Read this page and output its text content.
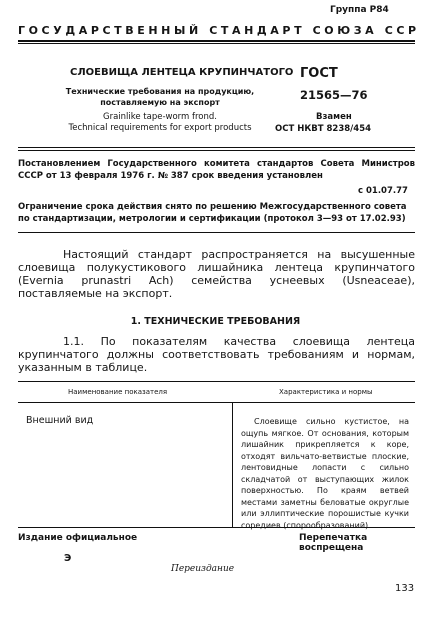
Группа Р84
ГОСУДАРСТВЕННЫЙ СТАНДАРТ СОЮЗА ССР
СЛОЕВИЩА ЛЕНТЕЦА КРУПИНЧАТОГО
Технические требования на продукцию,
поставляемую на экспорт
Grainlike tape-worm frond.
Technical requirements for export products
ГОСТ
21565—76
Взамен
ОСТ НКВТ 8238/454
Постановлением Государственного комитета стандартов Совета Министров СССР от 13 февраля 1976 г. № 387 срок введения установлен
с 01.07.77
Ограничение срока действия снято по решению Межгосударственного совета по стандартизации, метрологии и сертификации (протокол 3—93 от 17.02.93)
Настоящий стандарт распространяется на высушенные слоевища полукустикового лишайника лентеца крупинчатого (Evernia prunastri Ach) семейства уснеевых (Usneaceae), поставляемые на экспорт.
1. ТЕХНИЧЕСКИЕ ТРЕБОВАНИЯ
1.1. По показателям качества слоевища лентеца крупинчатого должны соответствовать требованиям и нормам, указанным в таблице.
Наименование показателя	Характеристика и нормы
Внешний вид	Слоевище сильно кустистое, на ощупь мягкое. От основания, которым лишайник прикрепляется к коре, отходят вильчато-ветвистые плоские, лентовидные лопасти с сильно складчатой от выступающих жилок поверхностью. По краям ветвей местами заметны беловатые округлые или эллиптические порошистые кучки соредиев (спорообразований)
Издание официальное	Перепечатка воспрещена
Э
Переиздание
133
